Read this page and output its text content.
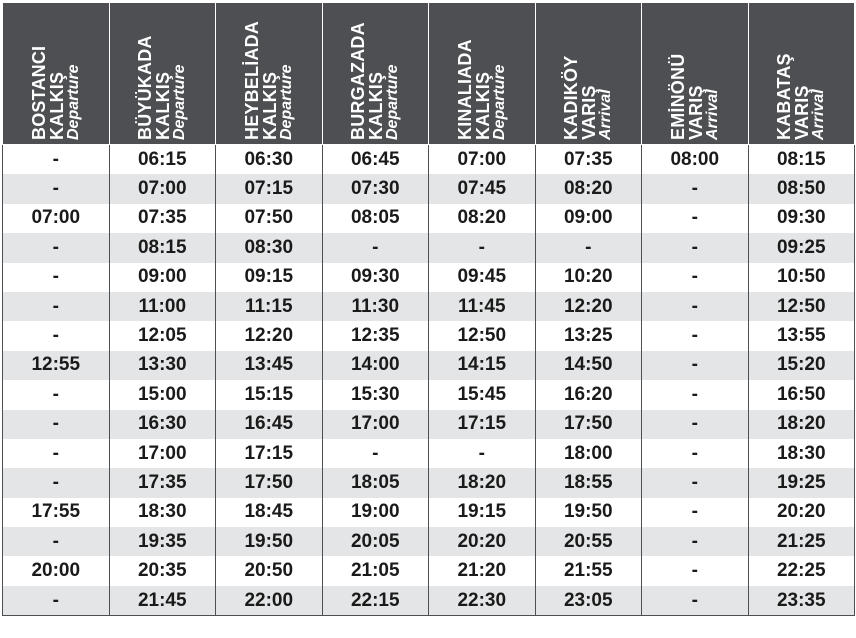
BOSTANCI
KALKIŞ
Departure	BÜYÜKADA
KALKIŞ
Departure	HEYBELİADA
KALKIŞ
Departure	BURGAZADA
KALKIŞ
Departure	KINALIADA
KALKIŞ
Departure	KADIKÖY
VARIŞ
Arrival	EMİNÖNÜ
VARIŞ
Arrival	KABATAŞ
VARIŞ
Arrival

-	06:15	06:30	06:45	07:00	07:35	08:00	08:15
-	07:00	07:15	07:30	07:45	08:20	-	08:50
07:00	07:35	07:50	08:05	08:20	09:00	-	09:30
-	08:15	08:30	-	-	-	-	09:25
-	09:00	09:15	09:30	09:45	10:20	-	10:50
-	11:00	11:15	11:30	11:45	12:20	-	12:50
-	12:05	12:20	12:35	12:50	13:25	-	13:55
12:55	13:30	13:45	14:00	14:15	14:50	-	15:20
-	15:00	15:15	15:30	15:45	16:20	-	16:50
-	16:30	16:45	17:00	17:15	17:50	-	18:20
-	17:00	17:15	-	-	18:00	-	18:30
-	17:35	17:50	18:05	18:20	18:55	-	19:25
17:55	18:30	18:45	19:00	19:15	19:50	-	20:20
-	19:35	19:50	20:05	20:20	20:55	-	21:25
20:00	20:35	20:50	21:05	21:20	21:55	-	22:25
-	21:45	22:00	22:15	22:30	23:05	-	23:35
